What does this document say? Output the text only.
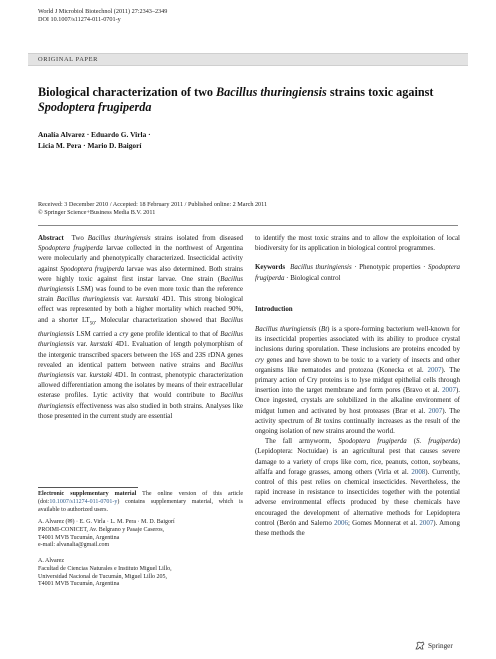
World J Microbiol Biotechnol (2011) 27:2343–2349
DOI 10.1007/s11274-011-0701-y
ORIGINAL PAPER
Biological characterization of two Bacillus thuringiensis strains toxic against Spodoptera frugiperda
Analía Alvarez · Eduardo G. Virla ·
Licia M. Pera · Mario D. Baigorí
Received: 3 December 2010 / Accepted: 18 February 2011 / Published online: 2 March 2011
© Springer Science+Business Media B.V. 2011

Abstract Two Bacillus thuringiensis strains isolated from diseased Spodoptera frugiperda larvae collected in the northwest of Argentina were molecularly and phenotypically characterized. Insecticidal activity against Spodoptera frugiperda larvae was also determined. Both strains were highly toxic against first instar larvae. One strain (Bacillus thuringiensis LSM) was found to be even more toxic than the reference strain Bacillus thuringiensis var. kurstaki 4D1. This strong biological effect was represented by both a higher mortality which reached 90%, and a shorter $LT_{50}$. Molecular characterization showed that Bacillus thuringiensis LSM carried a cry gene profile identical to that of Bacillus thuringiensis var. kurstaki 4D1. Evaluation of length polymorphism of the intergenic transcribed spacers between the 16S and 23S rDNA genes revealed an identical pattern between native strains and Bacillus thuringiensis var. kurstaki 4D1. In contrast, phenotypic characterization allowed differentiation among the isolates by means of their extracellular esterase profiles. Lytic activity that would contribute to Bacillus thuringiensis effectiveness was also studied in both strains. Analyses like those presented in the current study are essential

Electronic supplementary material The online version of this article (doi:10.1007/s11274-011-0701-y) contains supplementary material, which is available to authorized users.
A. Alvarez (✉) · E. G. Virla · L. M. Pera · M. D. Baigorí
PROIMI-CONICET, Av. Belgrano y Pasaje Caseros,
T4001 MVB Tucumán, Argentina
e-mail: alvanalia@gmail.com
A. Alvarez
Facultad de Ciencias Naturales e Instituto Miguel Lillo,
Universidad Nacional de Tucumán, Miguel Lillo 205,
T4001 MVB Tucumán, Argentina

to identify the most toxic strains and to allow the exploitation of local biodiversity for its application in biological control programmes.

Keywords Bacillus thuringiensis · Phenotypic properties · Spodoptera frugiperda · Biological control

Introduction

Bacillus thuringiensis (Bt) is a spore-forming bacterium well-known for its insecticidal properties associated with its ability to produce crystal inclusions during sporulation. These inclusions are proteins encoded by cry genes and have shown to be toxic to a variety of insects and other organisms like nematodes and protozoa (Konecka et al. 2007). The primary action of Cry proteins is to lyse midgut epithelial cells through insertion into the target membrane and form pores (Bravo et al. 2007). Once ingested, crystals are solubilized in the alkaline environment of midgut lumen and activated by host proteases (Brar et al. 2007). The activity spectrum of Bt toxins continually increases as the result of the ongoing isolation of new strains around the world.

The fall armyworm, Spodoptera frugiperda (S. frugiperda) (Lepidoptera: Noctuidae) is an agricultural pest that causes severe damage to a variety of crops like corn, rice, peanuts, cotton, soybeans, alfalfa and forage grasses, among others (Virla et al. 2008). Currently, control of this pest relies on chemical insecticides. Nevertheless, the rapid increase in resistance to insecticides together with the potential adverse environmental effects produced by these chemicals have encouraged the development of alternative methods for Lepidoptera control (Berón and Salerno 2006; Gomes Monnerat et al. 2007). Among these methods the

Springer
